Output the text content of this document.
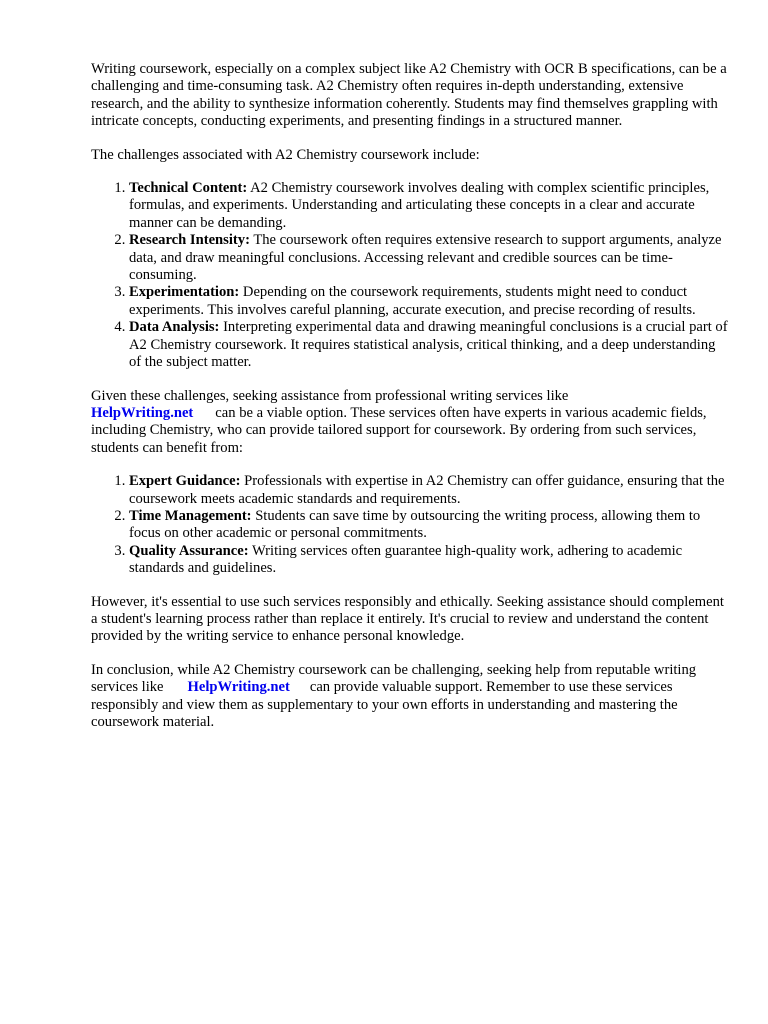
Writing coursework, especially on a complex subject like A2 Chemistry with OCR B specifications, can be a challenging and time-consuming task. A2 Chemistry often requires in-depth understanding, extensive research, and the ability to synthesize information coherently. Students may find themselves grappling with intricate concepts, conducting experiments, and presenting findings in a structured manner.

The challenges associated with A2 Chemistry coursework include:

1. Technical Content: A2 Chemistry coursework involves dealing with complex scientific principles, formulas, and experiments. Understanding and articulating these concepts in a clear and accurate manner can be demanding.
2. Research Intensity: The coursework often requires extensive research to support arguments, analyze data, and draw meaningful conclusions. Accessing relevant and credible sources can be time-consuming.
3. Experimentation: Depending on the coursework requirements, students might need to conduct experiments. This involves careful planning, accurate execution, and precise recording of results.
4. Data Analysis: Interpreting experimental data and drawing meaningful conclusions is a crucial part of A2 Chemistry coursework. It requires statistical analysis, critical thinking, and a deep understanding of the subject matter.

Given these challenges, seeking assistance from professional writing services like
HelpWriting.net can be a viable option. These services often have experts in various academic fields, including Chemistry, who can provide tailored support for coursework. By ordering from such services, students can benefit from:

1. Expert Guidance: Professionals with expertise in A2 Chemistry can offer guidance, ensuring that the coursework meets academic standards and requirements.
2. Time Management: Students can save time by outsourcing the writing process, allowing them to focus on other academic or personal commitments.
3. Quality Assurance: Writing services often guarantee high-quality work, adhering to academic standards and guidelines.

However, it's essential to use such services responsibly and ethically. Seeking assistance should complement a student's learning process rather than replace it entirely. It's crucial to review and understand the content provided by the writing service to enhance personal knowledge.

In conclusion, while A2 Chemistry coursework can be challenging, seeking help from reputable writing services like HelpWriting.net can provide valuable support. Remember to use these services responsibly and view them as supplementary to your own efforts in understanding and mastering the coursework material.
